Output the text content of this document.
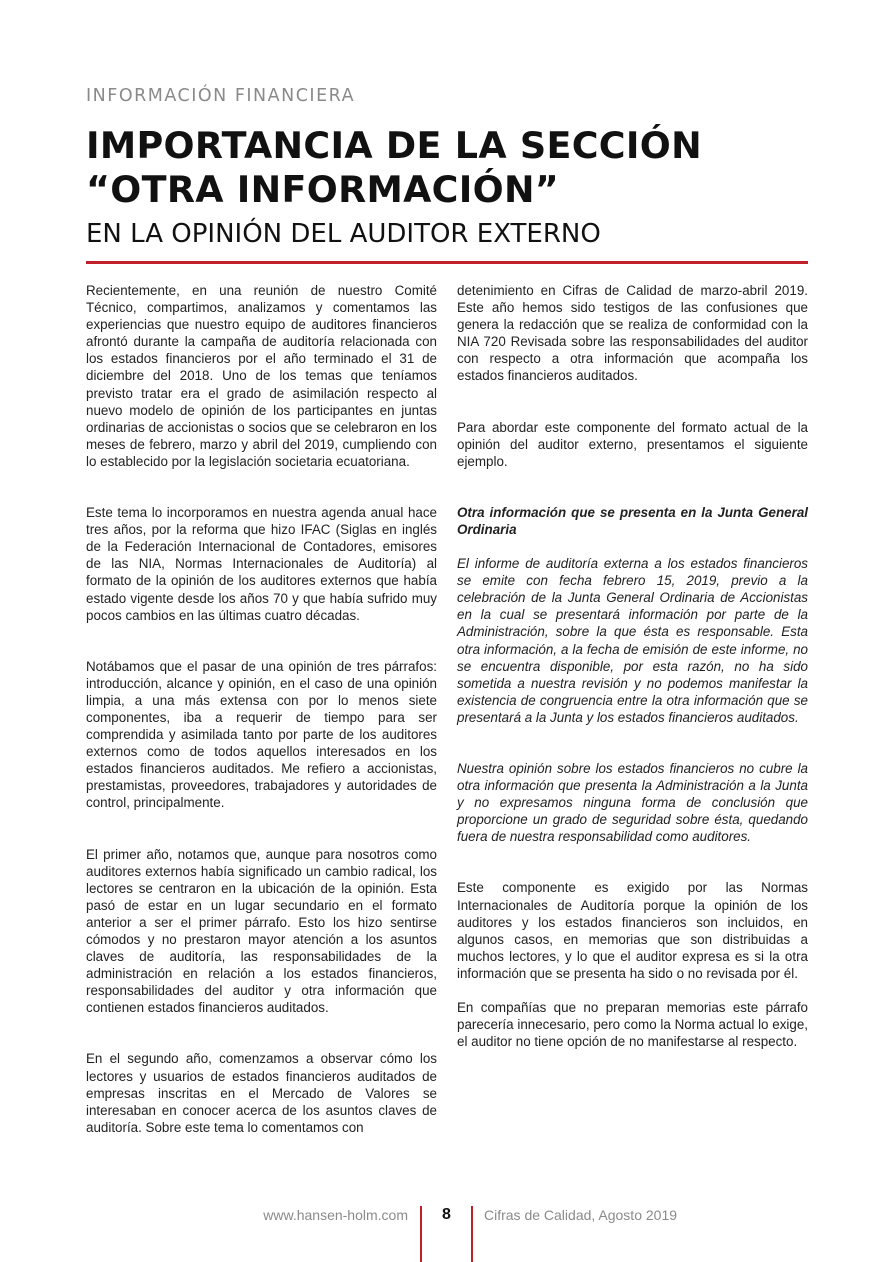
INFORMACIÓN FINANCIERA
IMPORTANCIA DE LA SECCIÓN
“OTRA INFORMACIÓN”
EN LA OPINIÓN DEL AUDITOR EXTERNO

Recientemente, en una reunión de nuestro Comité Técnico, compartimos, analizamos y comentamos las experiencias que nuestro equipo de auditores financieros afrontó durante la campaña de auditoría relacionada con los estados financieros por el año terminado el 31 de diciembre del 2018. Uno de los temas que teníamos previsto tratar era el grado de asimilación respecto al nuevo modelo de opinión de los participantes en juntas ordinarias de accionistas o socios que se celebraron en los meses de febrero, marzo y abril del 2019, cumpliendo con lo establecido por la legislación societaria ecuatoriana.

Este tema lo incorporamos en nuestra agenda anual hace tres años, por la reforma que hizo IFAC (Siglas en inglés de la Federación Internacional de Contadores, emisores de las NIA, Normas Internacionales de Auditoría) al formato de la opinión de los auditores externos que había estado vigente desde los años 70 y que había sufrido muy pocos cambios en las últimas cuatro décadas.

Notábamos que el pasar de una opinión de tres párrafos: introducción, alcance y opinión, en el caso de una opinión limpia, a una más extensa con por lo menos siete componentes, iba a requerir de tiempo para ser comprendida y asimilada tanto por parte de los auditores externos como de todos aquellos interesados en los estados financieros auditados. Me refiero a accionistas, prestamistas, proveedores, trabajadores y autoridades de control, principalmente.

El primer año, notamos que, aunque para nosotros como auditores externos había significado un cambio radical, los lectores se centraron en la ubicación de la opinión. Esta pasó de estar en un lugar secundario en el formato anterior a ser el primer párrafo. Esto los hizo sentirse cómodos y no prestaron mayor atención a los asuntos claves de auditoría, las responsabilidades de la administración en relación a los estados financieros, responsabilidades del auditor y otra información que contienen estados financieros auditados.

En el segundo año, comenzamos a observar cómo los lectores y usuarios de estados financieros auditados de empresas inscritas en el Mercado de Valores se interesaban en conocer acerca de los asuntos claves de auditoría. Sobre este tema lo comentamos con

detenimiento en Cifras de Calidad de marzo-abril 2019. Este año hemos sido testigos de las confusiones que genera la redacción que se realiza de conformidad con la NIA 720 Revisada sobre las responsabilidades del auditor con respecto a otra información que acompaña los estados financieros auditados.

Para abordar este componente del formato actual de la opinión del auditor externo, presentamos el siguiente ejemplo.

Otra información que se presenta en la Junta General Ordinaria

El informe de auditoría externa a los estados financieros se emite con fecha febrero 15, 2019, previo a la celebración de la Junta General Ordinaria de Accionistas en la cual se presentará información por parte de la Administración, sobre la que ésta es responsable. Esta otra información, a la fecha de emisión de este informe, no se encuentra disponible, por esta razón, no ha sido sometida a nuestra revisión y no podemos manifestar la existencia de congruencia entre la otra información que se presentará a la Junta y los estados financieros auditados.

Nuestra opinión sobre los estados financieros no cubre la otra información que presenta la Administración a la Junta y no expresamos ninguna forma de conclusión que proporcione un grado de seguridad sobre ésta, quedando fuera de nuestra responsabilidad como auditores.

Este componente es exigido por las Normas Internacionales de Auditoría porque la opinión de los auditores y los estados financieros son incluidos, en algunos casos, en memorias que son distribuidas a muchos lectores, y lo que el auditor expresa es si la otra información que se presenta ha sido o no revisada por él.

En compañías que no preparan memorias este párrafo parecería innecesario, pero como la Norma actual lo exige, el auditor no tiene opción de no manifestarse al respecto.

www.hansen-holm.com	8	Cifras de Calidad, Agosto 2019
